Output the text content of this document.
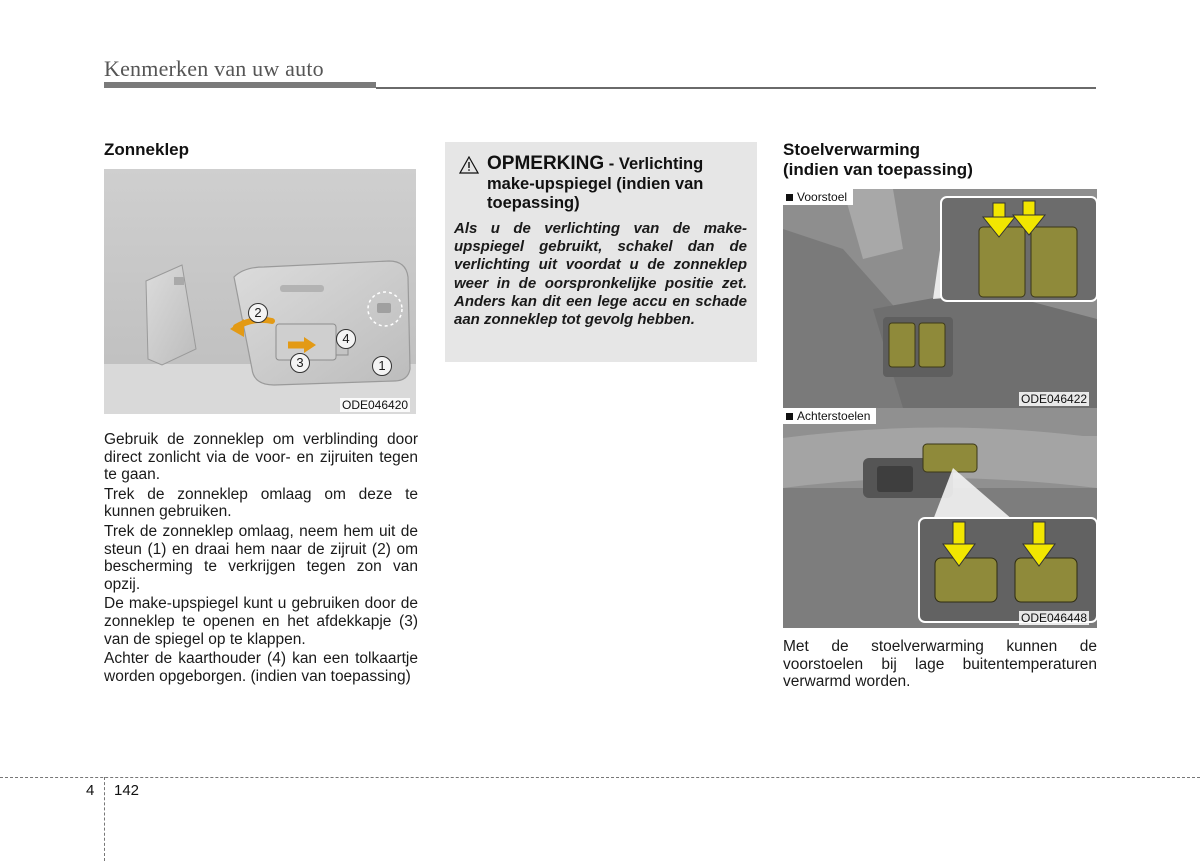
Kenmerken van uw auto
Zonneklep
2
4
3	1
ODE046420

Gebruik de zonneklep om verblinding door direct zonlicht via de voor- en zijruiten tegen te gaan.

Trek de zonneklep omlaag om deze te kunnen gebruiken.

Trek de zonneklep omlaag, neem hem uit de steun (1) en draai hem naar de zijruit (2) om bescherming te verkrijgen tegen zon van opzij.

De make-upspiegel kunt u gebruiken door de zonneklep te openen en het afdekkapje (3) van de spiegel op te klappen.

Achter de kaarthouder (4) kan een tolkaartje worden opgeborgen. (indien van toepassing)

OPMERKING - Verlichting make-upspiegel (indien van toepassing)
Als u de verlichting van de make-upspiegel gebruikt, schakel dan de verlichting uit voordat u de zonneklep weer in de oorspronkelijke positie zet. Anders kan dit een lege accu en schade aan zonneklep tot gevolg hebben.
Stoelverwarming
(indien van toepassing)
Voorstoel
ODE046422
Achterstoelen
ODE046448

Met de stoelverwarming kunnen de voorstoelen bij lage buitentemperaturen verwarmd worden.

4 142
